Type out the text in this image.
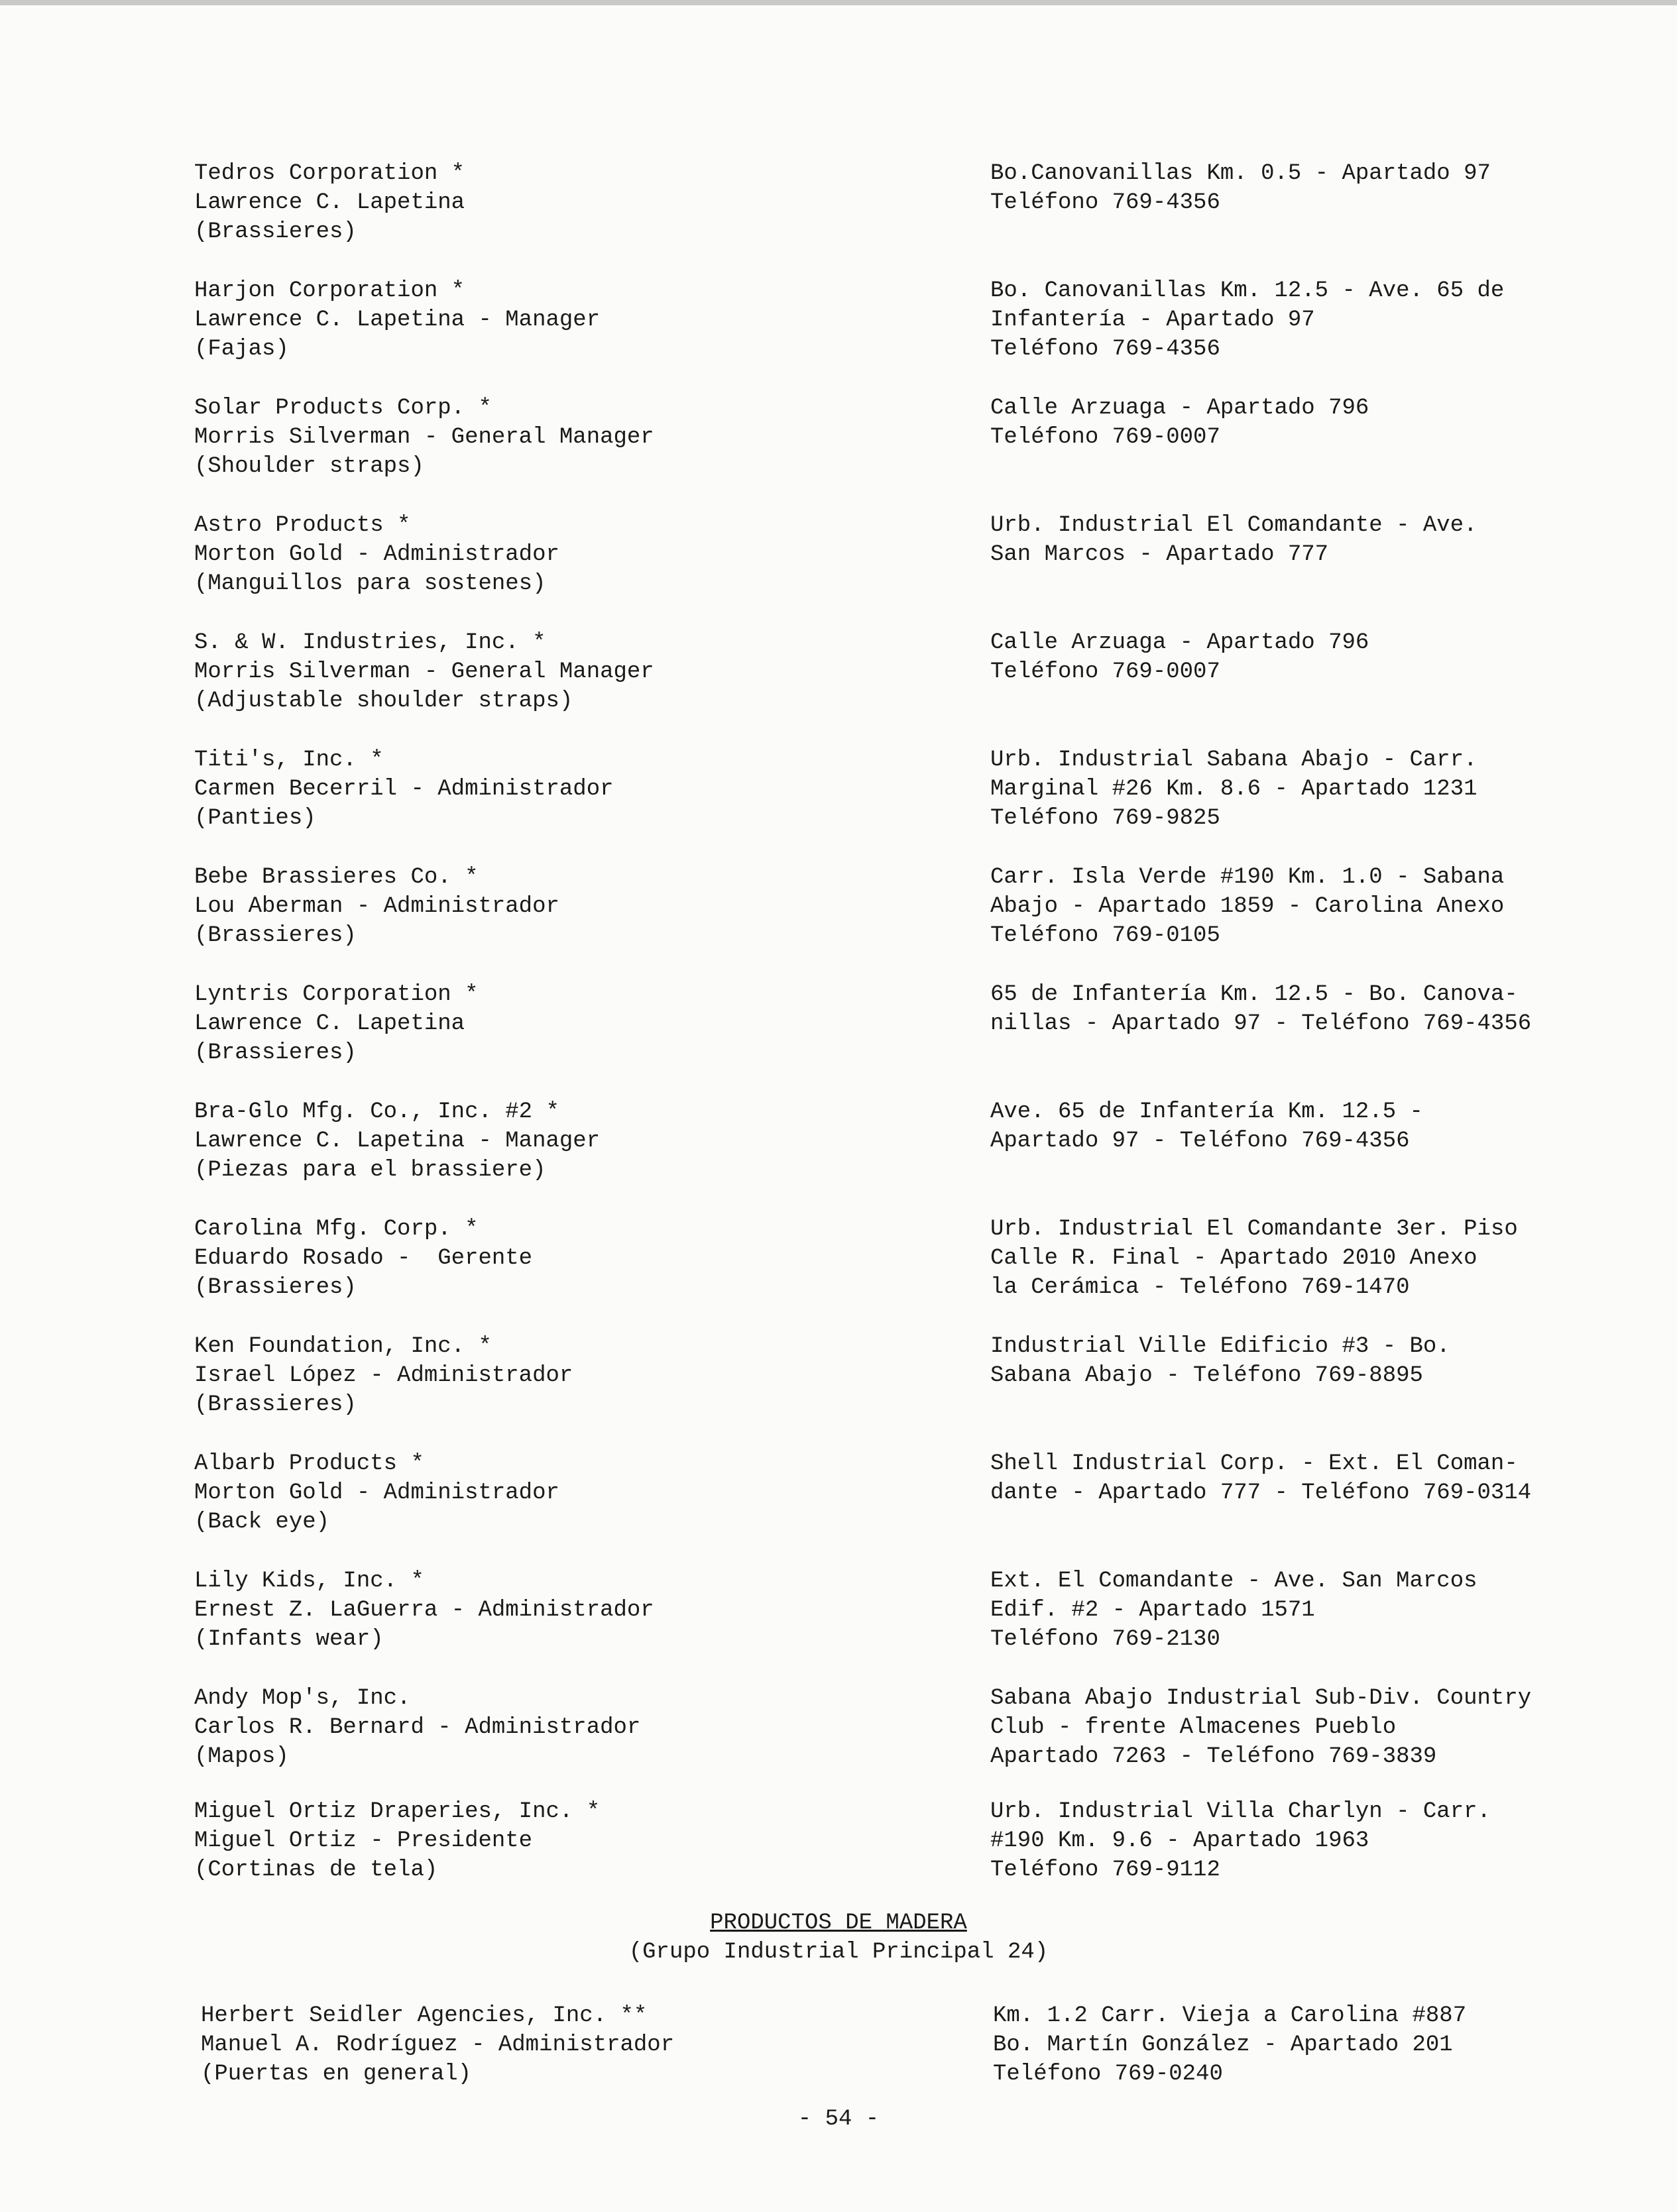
Tedros Corporation *
Lawrence C. Lapetina
(Brassieres)
Bo.Canovanillas Km. 0.5 - Apartado 97
Teléfono 769-4356
Harjon Corporation *
Lawrence C. Lapetina - Manager
(Fajas)
Bo. Canovanillas Km. 12.5 - Ave. 65 de
Infantería - Apartado 97
Teléfono 769-4356
Solar Products Corp. *
Morris Silverman - General Manager
(Shoulder straps)
Calle Arzuaga - Apartado 796
Teléfono 769-0007
Astro Products *
Morton Gold - Administrador
(Manguillos para sostenes)
Urb. Industrial El Comandante - Ave.
San Marcos - Apartado 777
S. & W. Industries, Inc. *
Morris Silverman - General Manager
(Adjustable shoulder straps)
Calle Arzuaga - Apartado 796
Teléfono 769-0007
Titi's, Inc. *
Carmen Becerril - Administrador
(Panties)
Urb. Industrial Sabana Abajo - Carr.
Marginal #26 Km. 8.6 - Apartado 1231
Teléfono 769-9825
Bebe Brassieres Co. *
Lou Aberman - Administrador
(Brassieres)
Carr. Isla Verde #190 Km. 1.0 - Sabana
Abajo - Apartado 1859 - Carolina Anexo
Teléfono 769-0105
Lyntris Corporation *
Lawrence C. Lapetina
(Brassieres)
65 de Infantería Km. 12.5 - Bo. Canova-
nillas - Apartado 97 - Teléfono 769-4356
Bra-Glo Mfg. Co., Inc. #2 *
Lawrence C. Lapetina - Manager
(Piezas para el brassiere)
Ave. 65 de Infantería Km. 12.5 -
Apartado 97 - Teléfono 769-4356
Carolina Mfg. Corp. *
Eduardo Rosado -  Gerente
(Brassieres)
Urb. Industrial El Comandante 3er. Piso
Calle R. Final - Apartado 2010 Anexo
la Cerámica - Teléfono 769-1470
Ken Foundation, Inc. *
Israel López - Administrador
(Brassieres)
Industrial Ville Edificio #3 - Bo.
Sabana Abajo - Teléfono 769-8895
Albarb Products *
Morton Gold - Administrador
(Back eye)
Shell Industrial Corp. - Ext. El Coman-
dante - Apartado 777 - Teléfono 769-0314
Lily Kids, Inc. *
Ernest Z. LaGuerra - Administrador
(Infants wear)
Ext. El Comandante - Ave. San Marcos
Edif. #2 - Apartado 1571
Teléfono 769-2130
Andy Mop's, Inc.
Carlos R. Bernard - Administrador
(Mapos)
Sabana Abajo Industrial Sub-Div. Country
Club - frente Almacenes Pueblo
Apartado 7263 - Teléfono 769-3839
Miguel Ortiz Draperies, Inc. *
Miguel Ortiz - Presidente
(Cortinas de tela)
Urb. Industrial Villa Charlyn - Carr.
#190 Km. 9.6 - Apartado 1963
Teléfono 769-9112
PRODUCTOS DE MADERA
(Grupo Industrial Principal 24)
Herbert Seidler Agencies, Inc. **
Manuel A. Rodríguez - Administrador
(Puertas en general)
Km. 1.2 Carr. Vieja a Carolina #887
Bo. Martín González - Apartado 201
Teléfono 769-0240
- 54 -
